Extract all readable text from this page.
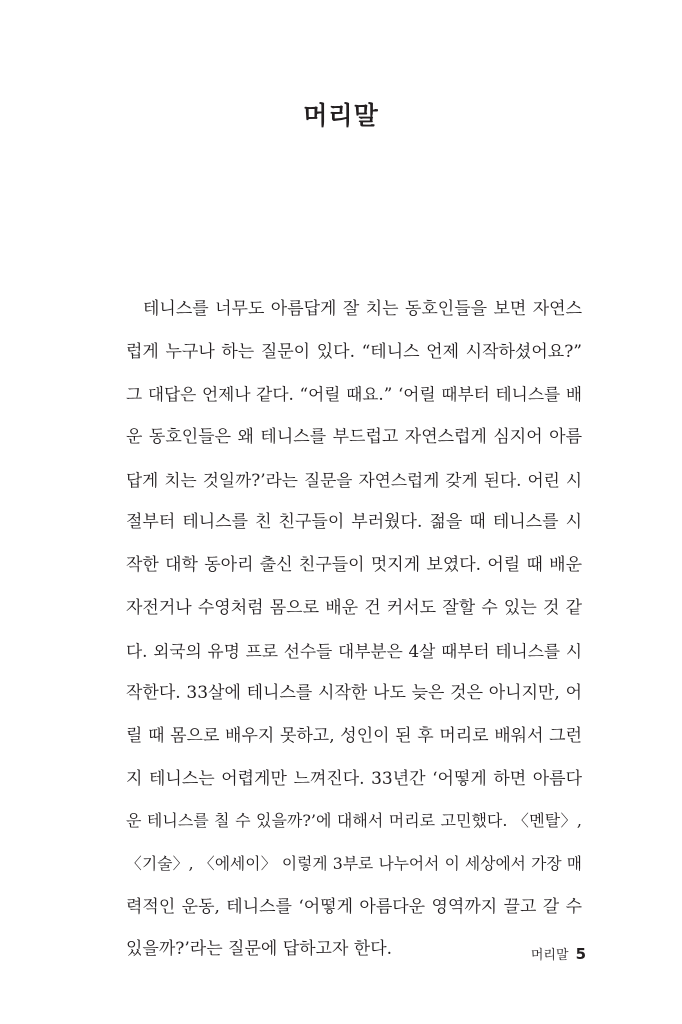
머리말
테니스를 너무도 아름답게 잘 치는 동호인들을 보면 자연스
럽게 누구나 하는 질문이 있다. “테니스 언제 시작하셨어요?”
그 대답은 언제나 같다. “어릴 때요.” ‘어릴 때부터 테니스를 배
운 동호인들은 왜 테니스를 부드럽고 자연스럽게 심지어 아름
답게 치는 것일까?’라는 질문을 자연스럽게 갖게 된다. 어린 시
절부터 테니스를 친 친구들이 부러웠다. 젊을 때 테니스를 시
작한 대학 동아리 출신 친구들이 멋지게 보였다. 어릴 때 배운
자전거나 수영처럼 몸으로 배운 건 커서도 잘할 수 있는 것 같
다. 외국의 유명 프로 선수들 대부분은 4살 때부터 테니스를 시
작한다. 33살에 테니스를 시작한 나도 늦은 것은 아니지만, 어
릴 때 몸으로 배우지 못하고, 성인이 된 후 머리로 배워서 그런
지 테니스는 어렵게만 느껴진다. 33년간 ‘어떻게 하면 아름다
운 테니스를 칠 수 있을까?’에 대해서 머리로 고민했다. 〈멘탈〉,
〈기술〉, 〈에세이〉 이렇게 3부로 나누어서 이 세상에서 가장 매
력적인 운동, 테니스를 ‘어떻게 아름다운 영역까지 끌고 갈 수
있을까?’라는 질문에 답하고자 한다.	머리말 5
